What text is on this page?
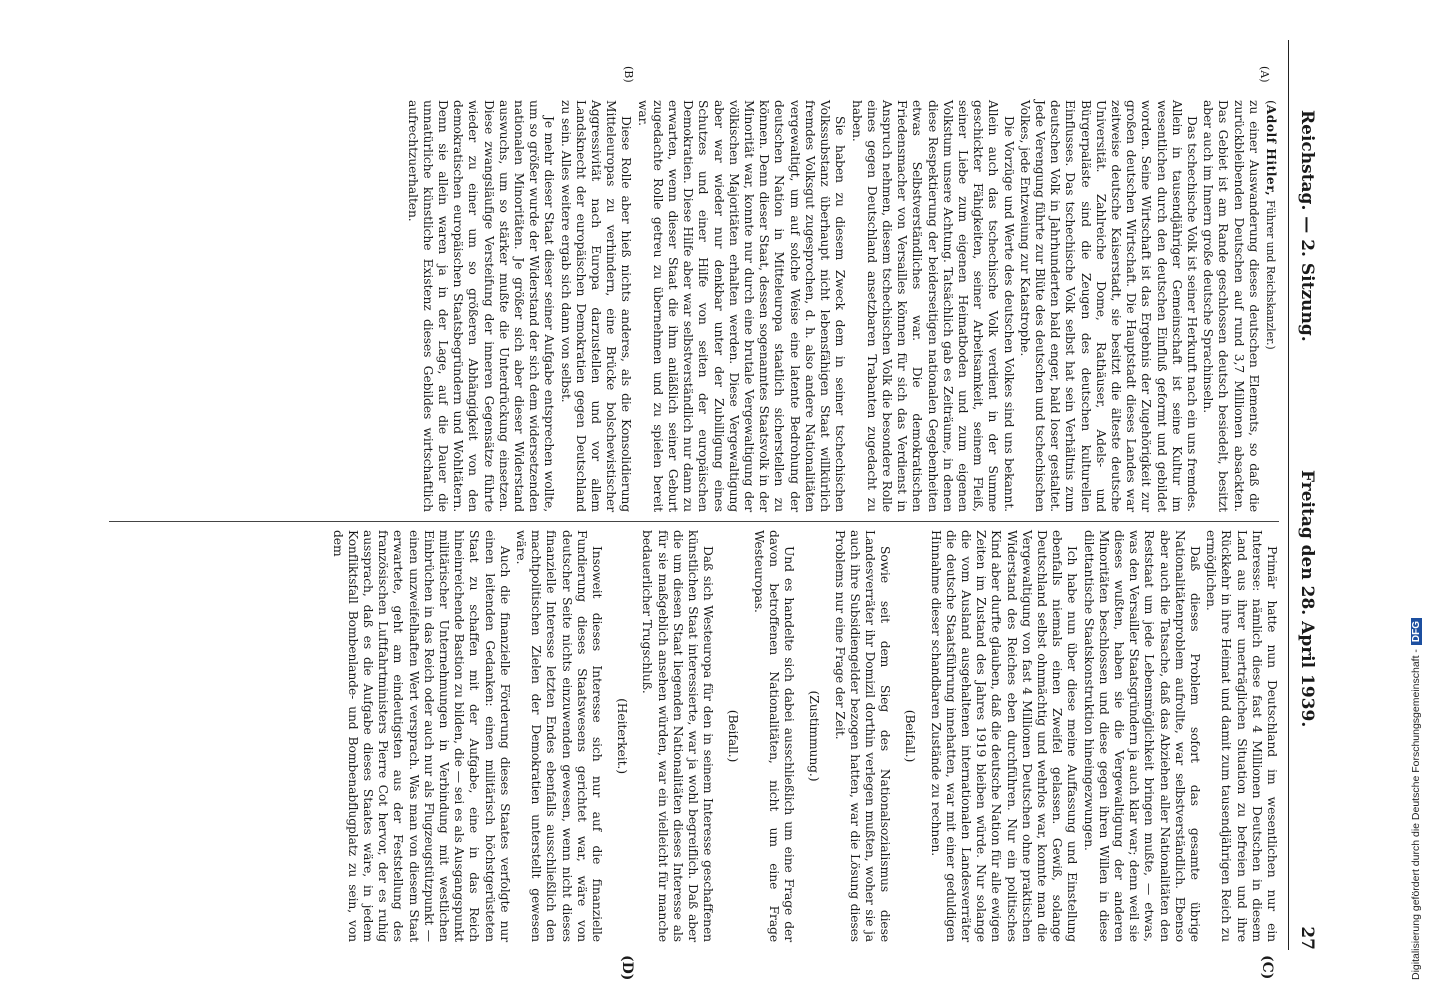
Reichstag. — 2. Sitzung.
Freitag den 28. April 1939.
27
(A)
(B)
(C)
(D)

(Adolf Hitler, Führer und Reichskanzler.)

zu einer Auswanderung dieses deutschen Elements, so daß die zurückbleibenden Deutschen auf rund 3,7 Millionen absackten. Das Gebiet ist am Rande geschlossen deutsch besiedelt, besitzt aber auch im Innern große deutsche Sprachinseln.

Das tschechische Volk ist seiner Herkunft nach ein uns fremdes. Allein in tausendjähriger Gemeinschaft ist seine Kultur im wesentlichen durch den deutschen Einfluß geformt und gebildet worden. Seine Wirtschaft ist das Ergebnis der Zugehörigkeit zur großen deutschen Wirtschaft. Die Hauptstadt dieses Landes war zeitweise deutsche Kaiserstadt, sie besitzt die älteste deutsche Universität. Zahlreiche Dome, Rathäuser, Adels- und Bürgerpaläste sind die Zeugen des deutschen kulturellen Einflusses. Das tschechische Volk selbst hat sein Verhältnis zum deutschen Volk in Jahrhunderten bald enger, bald loser gestaltet. Jede Verengung führte zur Blüte des deutschen und tschechischen Volkes, jede Entzweiung zur Katastrophe.

Die Vorzüge und Werte des deutschen Volkes sind uns bekannt. Allein auch das tschechische Volk verdient in der Summe geschickter Fähigkeiten, seiner Arbeitsamkeit, seinem Fleiß, seiner Liebe zum eigenen Heimatboden und zum eigenen Volkstum unsere Achtung. Tatsächlich gab es Zeiträume, in denen diese Respektierung der beiderseitigen nationalen Gegebenheiten etwas Selbstverständliches war. Die demokratischen Friedensmacher von Versailles können für sich das Verdienst in Anspruch nehmen, diesem tschechischen Volk die besondere Rolle eines gegen Deutschland ansetzbaren Trabanten zugedacht zu haben.

Sie haben zu diesem Zweck dem in seiner tschechischen Volkssubstanz überhaupt nicht lebensfähigen Staat willkürlich fremdes Volksgut zugesprochen, d. h. also andere Nationalitäten vergewaltigt, um auf solche Weise eine latente Bedrohung der deutschen Nation in Mitteleuropa staatlich sicherstellen zu können. Denn dieser Staat, dessen sogenanntes Staatsvolk in der Minorität war, konnte nur durch eine brutale Vergewaltigung der völkischen Majoritäten erhalten werden. Diese Vergewaltigung aber war wieder nur denkbar unter der Zubilligung eines Schutzes und einer Hilfe von seiten der europäischen Demokratien. Diese Hilfe aber war selbstverständlich nur dann zu erwarten, wenn dieser Staat die ihm anläßlich seiner Geburt zugedachte Rolle getreu zu übernehmen und zu spielen bereit war.

Diese Rolle aber hieß nichts anderes, als die Konsolidierung Mitteleuropas zu verhindern, eine Brücke bolschewistischer Aggressivität nach Europa darzustellen und vor allem Landsknecht der europäischen Demokratien gegen Deutschland zu sein. Alles weitere ergab sich dann von selbst.

Je mehr dieser Staat dieser seiner Aufgabe entsprechen wollte, um so größer wurde der Widerstand der sich dem widersetzenden nationalen Minoritäten. Je größer sich aber dieser Widerstand auswuchs, um so stärker mußte die Unterdrückung einsetzen. Diese zwangsläufige Versteifung der inneren Gegensätze führte wieder zu einer um so größeren Abhängigkeit von den demokratischen europäischen Staatsbegründern und Wohltätern. Denn sie allein waren ja in der Lage, auf die Dauer die unnatürliche künstliche Existenz dieses Gebildes wirtschaftlich aufrechtzuerhalten.

Primär hatte nun Deutschland im wesentlichen nur ein Interesse: nämlich diese fast 4 Millionen Deutschen in diesem Land aus ihrer unerträglichen Situation zu befreien und ihre Rückkehr in ihre Heimat und damit zum tausendjährigen Reich zu ermöglichen.

Daß dieses Problem sofort das gesamte übrige Nationalitätenproblem aufrollte, war selbstverständlich. Ebenso aber auch die Tatsache, daß das Abziehen aller Nationalitäten den Reststaat um jede Lebensmöglichkeit bringen mußte, — etwas, was den Versailler Staatsgründern ja auch klar war; denn weil sie dieses wußten, haben sie die Vergewaltigung der anderen Minoritäten beschlossen und diese gegen ihren Willen in diese dilettantische Staatskonstruktion hineingezwungen.

Ich habe nun über diese meine Auffassung und Einstellung ebenfalls niemals einen Zweifel gelassen. Gewiß, solange Deutschland selbst ohnmächtig und wehrlos war, konnte man die Vergewaltigung von fast 4 Millionen Deutschen ohne praktischen Widerstand des Reiches eben durchführen. Nur ein politisches Kind aber durfte glauben, daß die deutsche Nation für alle ewigen Zeiten im Zustand des Jahres 1919 bleiben würde. Nur solange die vom Ausland ausgehaltenen internationalen Landesverräter die deutsche Staatsführung innehatten, war mit einer geduldigen Hinnahme dieser schandbaren Zustände zu rechnen.

(Beifall.)

Sowie seit dem Sieg des Nationalsozialismus diese Landesverräter ihr Domizil dorthin verlegen mußten, woher sie ja auch ihre Subsidiengelder bezogen hatten, war die Lösung dieses Problems nur eine Frage der Zeit.

(Zustimmung.)

Und es handelte sich dabei ausschließlich um eine Frage der davon betroffenen Nationalitäten, nicht um eine Frage Westeuropas.

(Beifall.)

Daß sich Westeuropa für den in seinem Interesse geschaffenen künstlichen Staat interessierte, war ja wohl begreiflich. Daß aber die um diesen Staat liegenden Nationalitäten dieses Interesse als für sie maßgeblich ansehen würden, war ein vielleicht für manche bedauerlicher Trugschluß.

(Heiterkeit.)

Insoweit dieses Interesse sich nur auf die finanzielle Fundierung dieses Staatswesens gerichtet war, wäre von deutscher Seite nichts einzuwenden gewesen, wenn nicht dieses finanzielle Interesse letzten Endes ebenfalls ausschließlich den machtpolitischen Zielen der Demokratien unterstellt gewesen wäre.

Auch die finanzielle Förderung dieses Staates verfolgte nur einen leitenden Gedanken: einen militärisch höchstgerüsteten Staat zu schaffen mit der Aufgabe, eine in das Reich hineinreichende Bastion zu bilden, die — sei es als Ausgangspunkt militärischer Unternehmungen in Verbindung mit westlichen Einbrüchen in das Reich oder auch nur als Flugzeugstützpunkt — einen unzweifelhaften Wert versprach. Was man von diesem Staat erwartete, geht am eindeutigsten aus der Feststellung des französischen Luftfahrtministers Pierre Cot hervor, der es ruhig aussprach, daß es die Aufgabe dieses Staates wäre, in jedem Konfliktsfall Bombenlande- und Bombenabflugplatz zu sein, von dem

Digitalisierung gefördert durch die Deutsche Forschungsgemeinschaft -DFG
